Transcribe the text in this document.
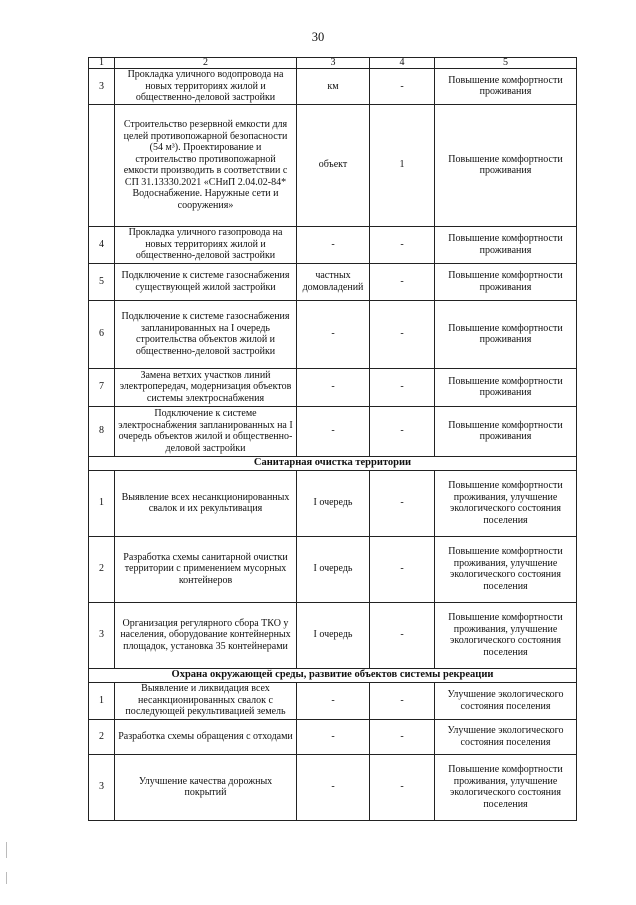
30
1	2	3	4	5
3	Прокладка уличного водопровода на новых территориях жилой и общественно-деловой застройки	км	-	Повышение комфортности проживания
	Строительство резервной емкости для целей противопожарной безопасности (54 м³). Проектирование и строительство противопожарной емкости производить в соответствии с СП 31.13330.2021 «СНиП 2.04.02-84* Водоснабжение. Наружные сети и сооружения»	объект	1	Повышение комфортности проживания
4	Прокладка уличного газопровода на новых территориях жилой и общественно-деловой застройки	-	-	Повышение комфортности проживания
5	Подключение к системе газоснабжения существующей жилой застройки	частных домовладений	-	Повышение комфортности проживания
6	Подключение к системе газоснабжения запланированных на I очередь строительства объектов жилой и общественно-деловой застройки	-	-	Повышение комфортности проживания
7	Замена ветхих участков линий электропередач, модернизация объектов системы электроснабжения	-	-	Повышение комфортности проживания
8	Подключение к системе электроснабжения запланированных на I очередь объектов жилой и общественно-деловой застройки	-	-	Повышение комфортности проживания
Санитарная очистка территории				
1	Выявление всех несанкционированных свалок и их рекультивация	I очередь	-	Повышение комфортности проживания, улучшение экологического состояния поселения
2	Разработка схемы санитарной очистки территории с применением мусорных контейнеров	I очередь	-	Повышение комфортности проживания, улучшение экологического состояния поселения
3	Организация регулярного сбора ТКО у населения, оборудование контейнерных площадок, установка 35 контейнерами	I очередь	-	Повышение комфортности проживания, улучшение экологического состояния поселения
Охрана окружающей среды, развитие объектов системы рекреации				
1	Выявление и ликвидация всех несанкционированных свалок с последующей рекультивацией земель	-	-	Улучшение экологического состояния поселения
2	Разработка схемы обращения с отходами	-	-	Улучшение экологического состояния поселения
3	Улучшение качества дорожных покрытий	-	-	Повышение комфортности проживания, улучшение экологического состояния поселения
